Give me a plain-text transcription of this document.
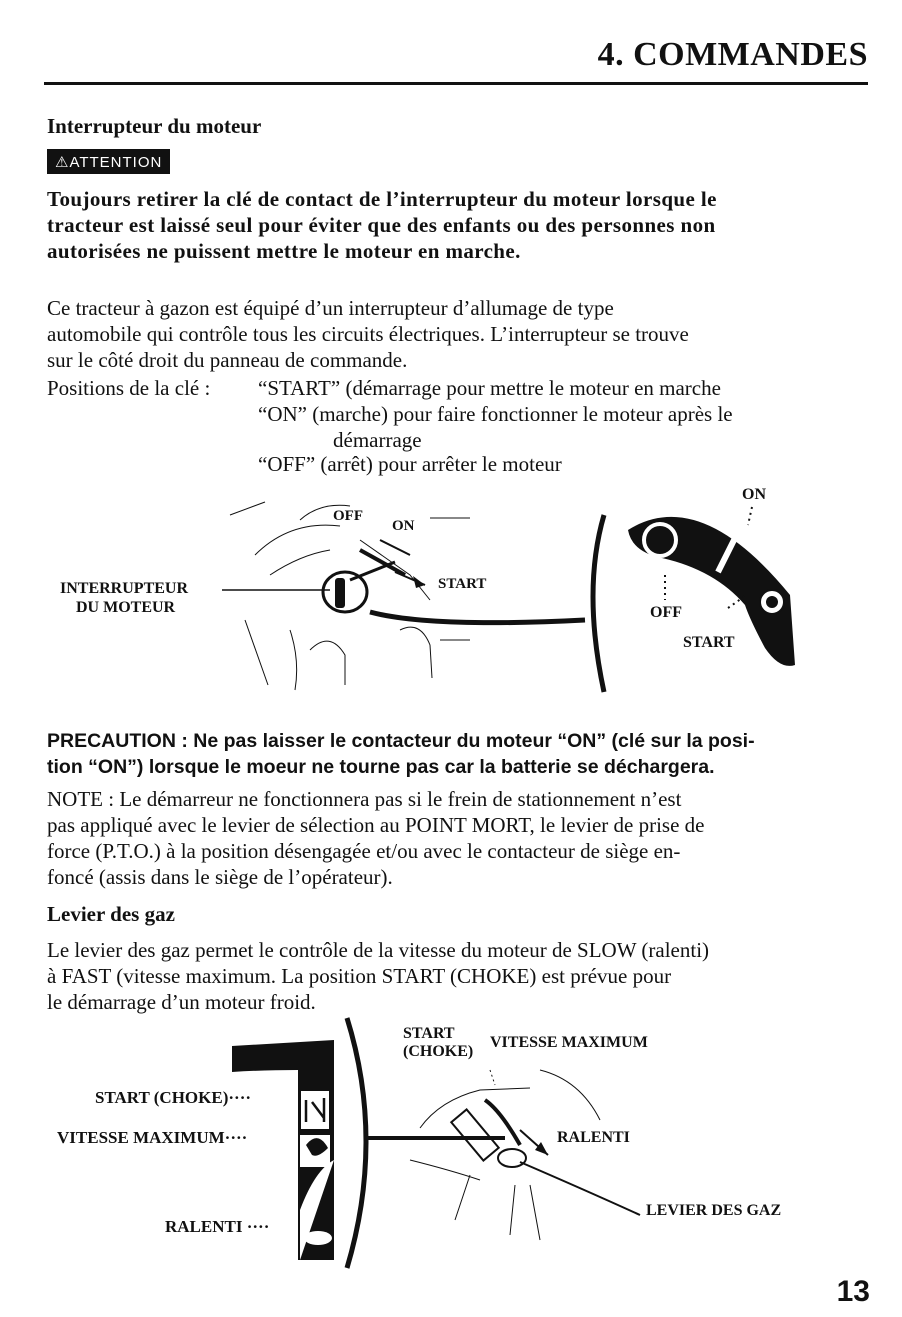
4. COMMANDES
Interrupteur du moteur
⚠ATTENTION
Toujours retirer la clé de contact de l’interrupteur du moteur lorsque le
tracteur est laissé seul pour éviter que des enfants ou des personnes non
autorisées ne puissent mettre le moteur en marche.
Ce tracteur à gazon est équipé d’un interrupteur d’allumage de type
automobile qui contrôle tous les circuits électriques. L’interrupteur se trouve
sur le côté droit du panneau de commande.
Positions de la clé : “START” (démarrage pour mettre le moteur en marche
“ON” (marche) pour faire fonctionner le moteur après le
démarrage
“OFF” (arrêt) pour arrêter le moteur
INTERRUPTEUR
DU MOTEUR
OFF
ON
START
ON
OFF
START
PRECAUTION : Ne pas laisser le contacteur du moteur “ON” (clé sur la posi-
tion “ON”) lorsque le moeur ne tourne pas car la batterie se déchargera.
NOTE : Le démarreur ne fonctionnera pas si le frein de stationnement n’est
pas appliqué avec le levier de sélection au POINT MORT, le levier de prise de
force (P.T.O.) à la position désengagée et/ou avec le contacteur de siège en-
foncé (assis dans le siège de l’opérateur).
Levier des gaz
Le levier des gaz permet le contrôle de la vitesse du moteur de SLOW (ralenti)
à FAST (vitesse maximum. La position START (CHOKE) est prévue pour
le démarrage d’un moteur froid.
START (CHOKE)····
VITESSE MAXIMUM····
RALENTI ····
START
(CHOKE)
VITESSE MAXIMUM
RALENTI
LEVIER DES GAZ
13
